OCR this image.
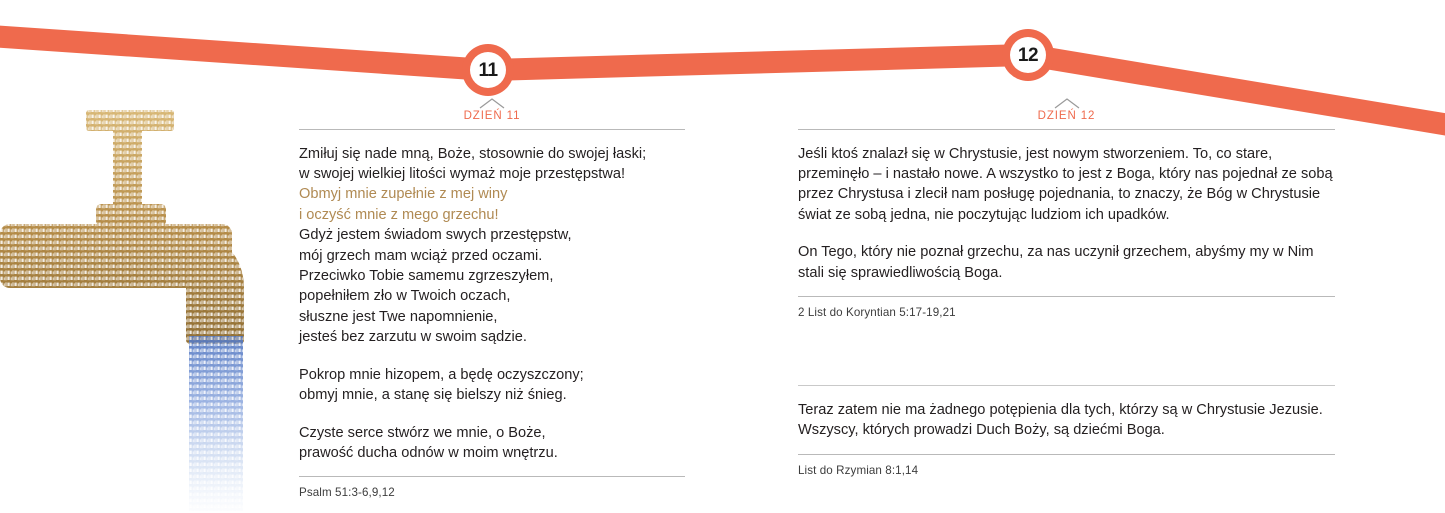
11
12
DZIEŃ 11
Zmiłuj się nade mną, Boże, stosownie do swojej łaski;
w swojej wielkiej litości wymaż moje przestępstwa!
Obmyj mnie zupełnie z mej winy
i oczyść mnie z mego grzechu!
Gdyż jestem świadom swych przestępstw,
mój grzech mam wciąż przed oczami.
Przeciwko Tobie samemu zgrzeszyłem,
popełniłem zło w Twoich oczach,
słuszne jest Twe napomnienie,
jesteś bez zarzutu w swoim sądzie.
Pokrop mnie hizopem, a będę oczyszczony;
obmyj mnie, a stanę się bielszy niż śnieg.
Czyste serce stwórz we mnie, o Boże,
prawość ducha odnów w moim wnętrzu.
Psalm 51:3-6,9,12
DZIEŃ 12

Jeśli ktoś znalazł się w Chrystusie, jest nowym stworzeniem. To, co stare, przeminęło – i nastało nowe. A wszystko to jest z Boga, który nas pojednał ze sobą przez Chrystusa i zlecił nam posługę pojednania, to znaczy, że Bóg w Chrystusie świat ze sobą jedna, nie poczytując ludziom ich upadków.

On Tego, który nie poznał grzechu, za nas uczynił grzechem, abyśmy my w Nim stali się sprawiedliwością Boga.

2 List do Koryntian 5:17-19,21

Teraz zatem nie ma żadnego potępienia dla tych, którzy są w Chrystusie Jezusie. Wszyscy, których prowadzi Duch Boży, są dziećmi Boga.

List do Rzymian 8:1,14
